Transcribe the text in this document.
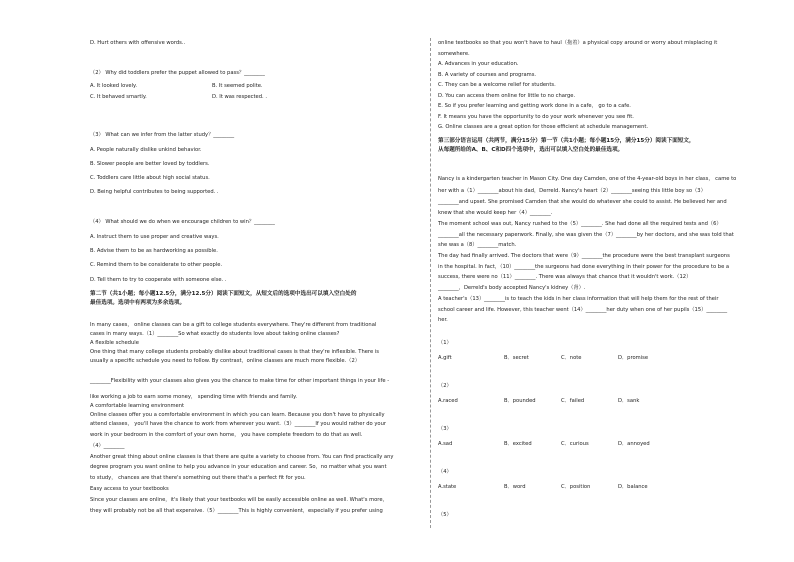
D. Hurt others with offensive words..
（2） Why did toddlers prefer the puppet allowed to pass？________
A. It looked lovely.	B. It seemed polite.
C. It behaved smartly.	D. It was respected. .
（3） What can we infer from the latter study？________
A. People naturally dislike unkind behavior.
B. Slower people are better loved by toddlers.
C. Toddlers care little about high social status.
D. Being helpful contributes to being supported. .
（4） What should we do when we encourage children to win？________
A. Instruct them to use proper and creative ways.
B. Advise them to be as hardworking as possible.
C. Remind them to be considerate to other people.
D. Tell them to try to cooperate with someone else. .
第二节（共1小题；每小题12.5分，满分12.5分）阅读下面短文，从短文后的选项中选出可以填入空白处的
最佳选项。选项中有两项为多余选项。
In many cases， online classes can be a gift to college students everywhere. They're different from traditional
cases in many ways.（1）________So what exactly do students love about taking online classes?
A flexible schedule
One thing that many college students probably dislike about traditional cases is that they're inflexible. There is
usually a specific schedule you need to follow. By contrast，online classes are much more flexible.（2）
________Flexibility with your classes also gives you the chance to make time for other important things in your life -
like working a job to earn some money， spending time with friends and family.
A comfortable learning environment
Online classes offer you a comfortable environment in which you can learn. Because you don't have to physically
attend classes， you'll have the chance to work from wherever you want.（3）________If you would rather do your
work in your bedroom in the comfort of your own home， you have complete freedom to do that as well.
（4）________
Another great thing about online classes is that there are quite a variety to choose from. You can find practically any
degree program you want online to help you advance in your education and career. So，no matter what you want
to study， chances are that there's something out there that's a perfect fit for you.
Easy access to your textbooks
Since your classes are online，it's likely that your textbooks will be easily accessible online as well. What's more，
they will probably not be all that expensive.（5）________This is highly convenient，especially if you prefer using
online textbooks so that you won't have to haul（拖着）a physical copy around or worry about misplacing it
somewhere.
A. Advances in your education.
B. A variety of courses and programs.
C. They can be a welcome relief for students.
D. You can access them online for little to no charge.
E. So if you prefer learning and getting work done in a cafe， go to a cafe.
F. It means you have the opportunity to do your work whenever you see fit.
G. Online classes are a great option for those efficient at schedule management.
第三部分语言运用（共两节，满分15分）第一节（共1小题；每小题15分，满分15分）阅读下面短文，
从每题所给的A、B、C和D四个选项中，选出可以填入空白处的最佳选项。
Nancy is a kindergarten teacher in Mason City. One day Camden, one of the 4-year-old boys in her class， came to
her with a（1）________about his dad，Derreld. Nancy's heart（2）________seeing this little boy so（3）
________and upset. She promised Camden that she would do whatever she could to assist. He believed her and
knew that she would keep her（4）________.
The moment school was out, Nancy rushed to the（5）________. She had done all the required tests and（6）
________all the necessary paperwork. Finally, she was given the（7）________by her doctors, and she was told that
she was a（8）________match.
The day had finally arrived. The doctors that were（9）________the procedure were the best transplant surgeons
in the hospital. In fact，（10）________the surgeons had done everything in their power for the procedure to be a
success, there were no（11）________. There was always that chance that it wouldn't work.（12）
________，Derreld's body accepted Nancy's kidney（肾）.
A teacher's（13）________is to teach the kids in her class information that will help them for the rest of their
school career and life. However, this teacher went（14）________her duty when one of her pupils（15）________
her.
（1）
A.gift	B．secret	C．note	D．promise
（2）
A.raced	B．pounded	C．failed	D．sank
（3）
A.sad	B．excited	C．curious	D．annoyed
（4）
A.state	B．word	C．position	D．balance
（5）
